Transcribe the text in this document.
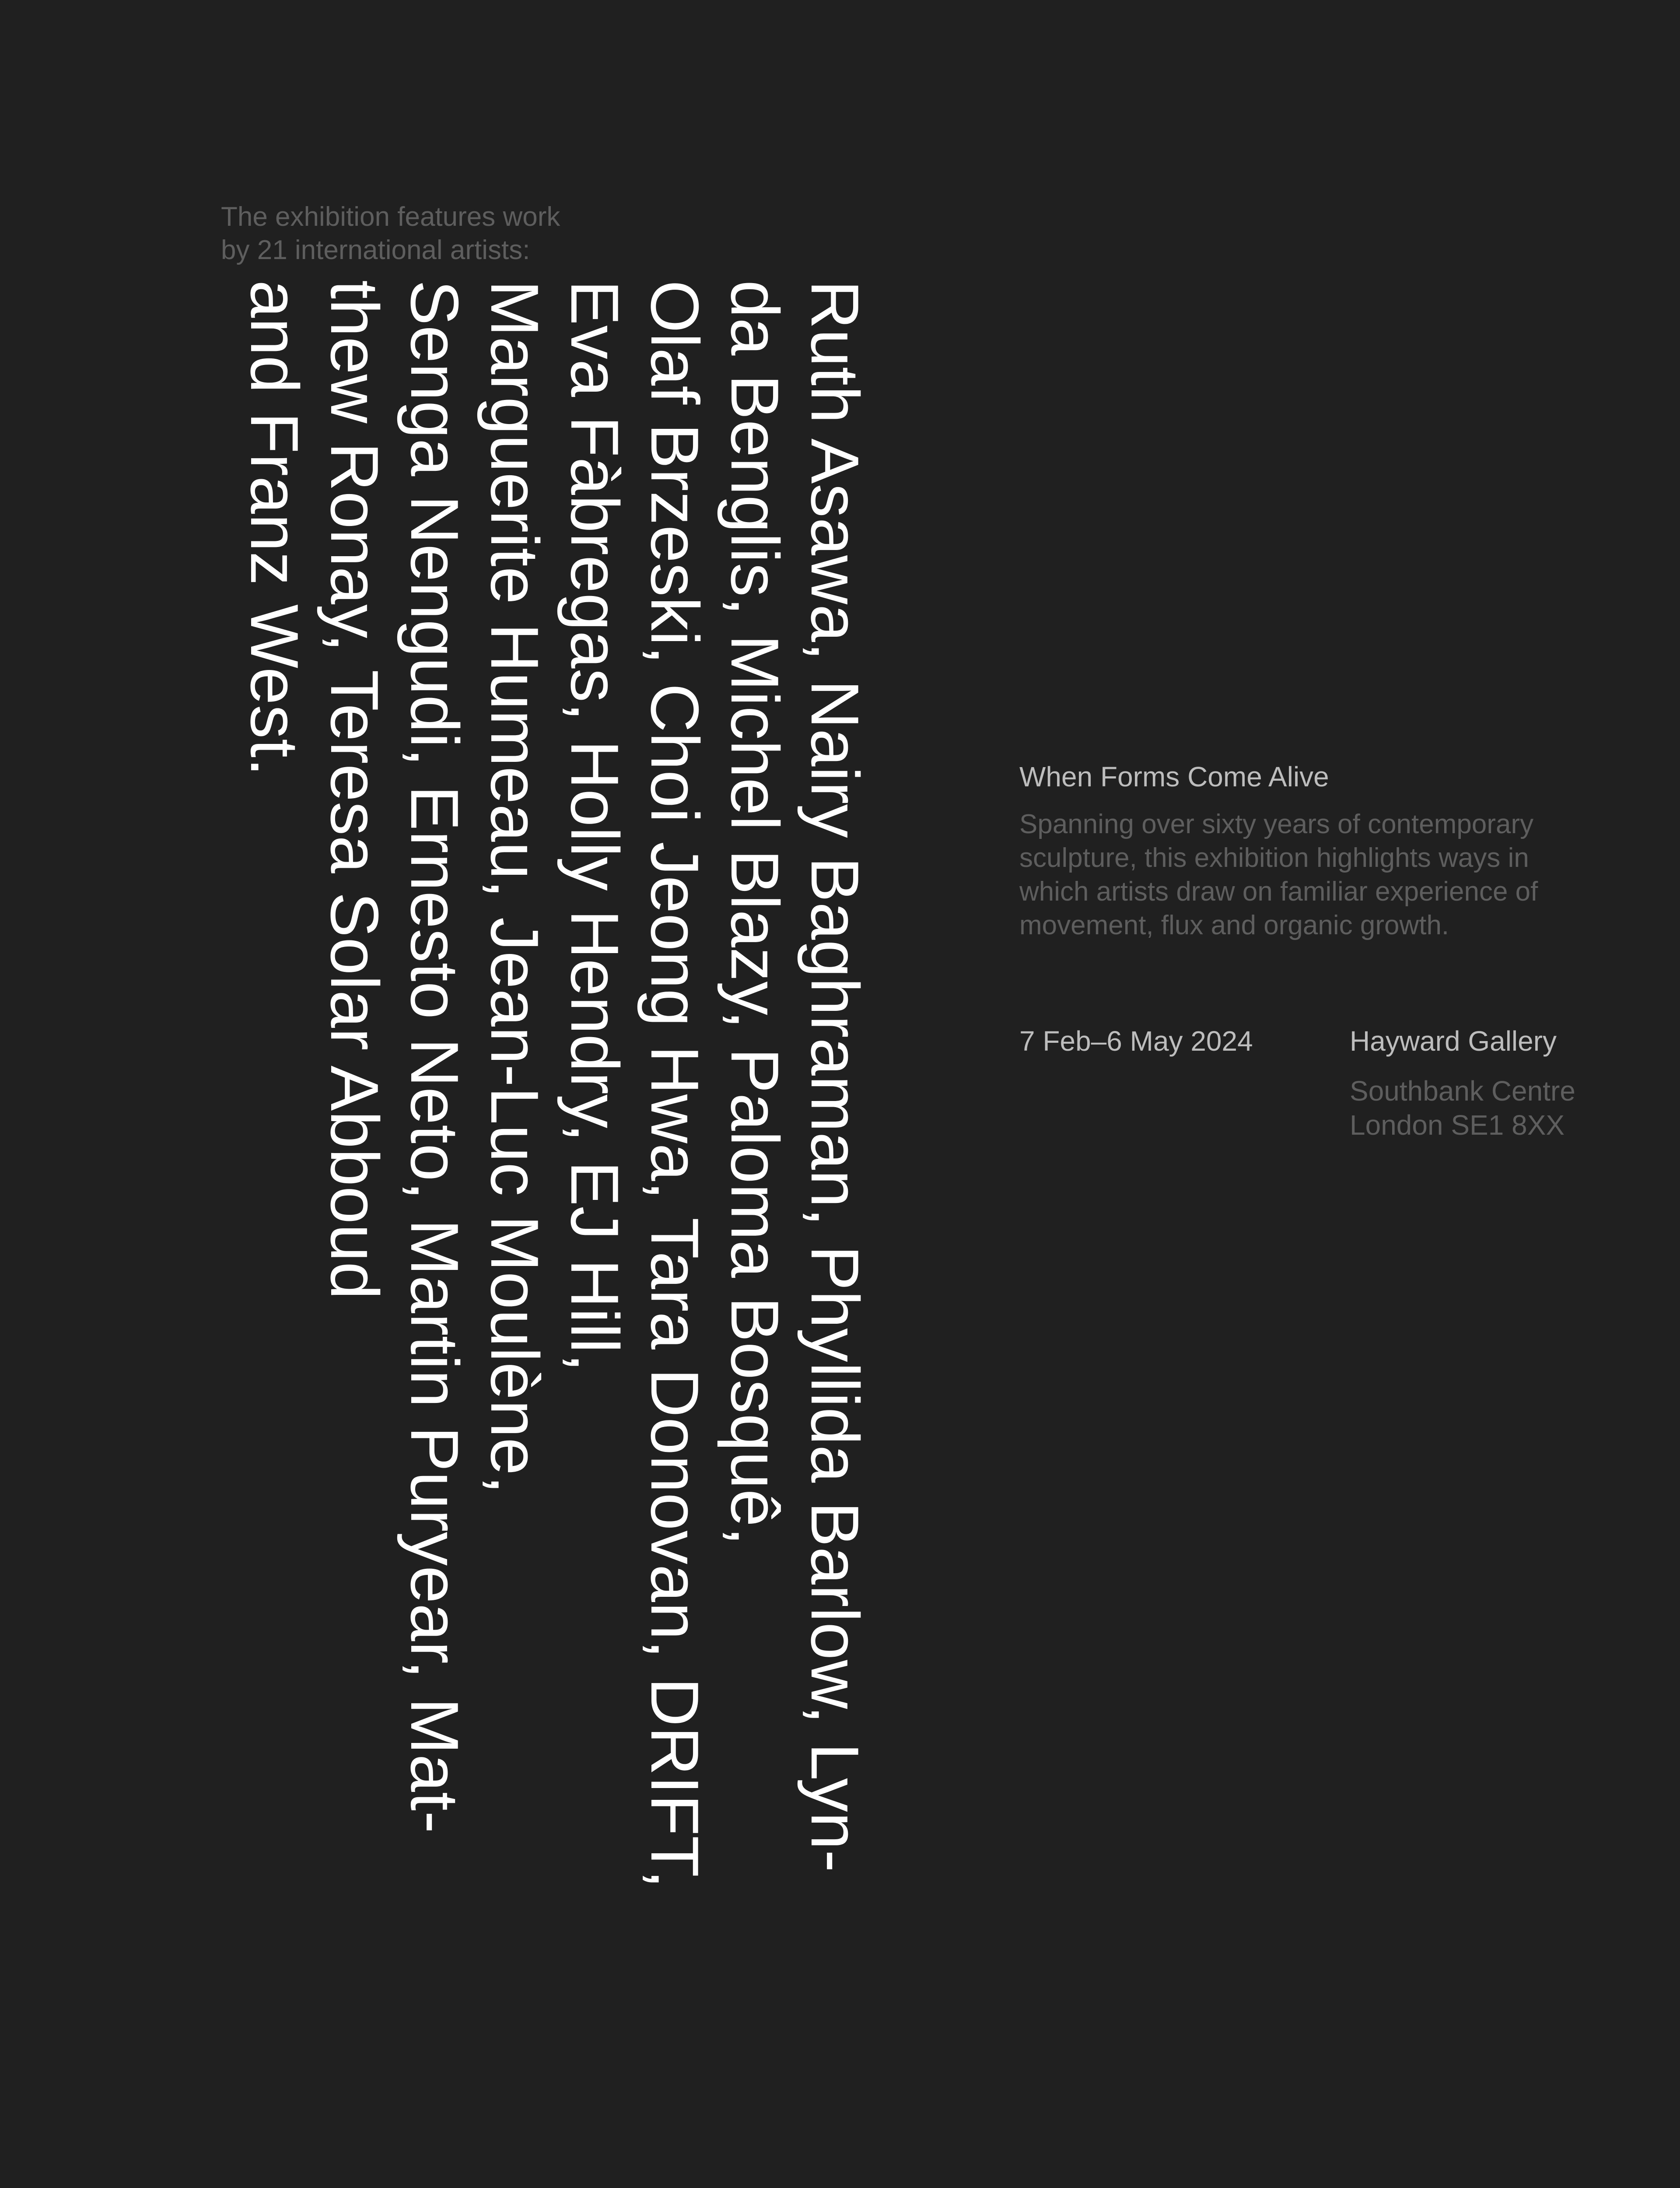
The exhibition features work
by 21 international artists:
Ruth Asawa, Nairy Baghraman, Phyllida Barlow, Lyn-
da Benglis, Michel Blazy, Paloma Bosquê,
Olaf Brzeski, Choi Jeong Hwa, Tara Donovan, DRIFT,
Eva Fàbregas, Holly Hendry, EJ Hill,
Marguerite Humeau, Jean-Luc Moulène,
Senga Nengudi, Ernesto Neto, Martin Puryear, Mat-
thew Ronay, Teresa Solar Abboud
and Franz West.
When Forms Come Alive
Spanning over sixty years of contemporary
sculpture, this exhibition highlights ways in
which artists draw on familiar experience of
movement, flux and organic growth.
7 Feb–6 May 2024	Hayward Gallery
Southbank Centre
London SE1 8XX
